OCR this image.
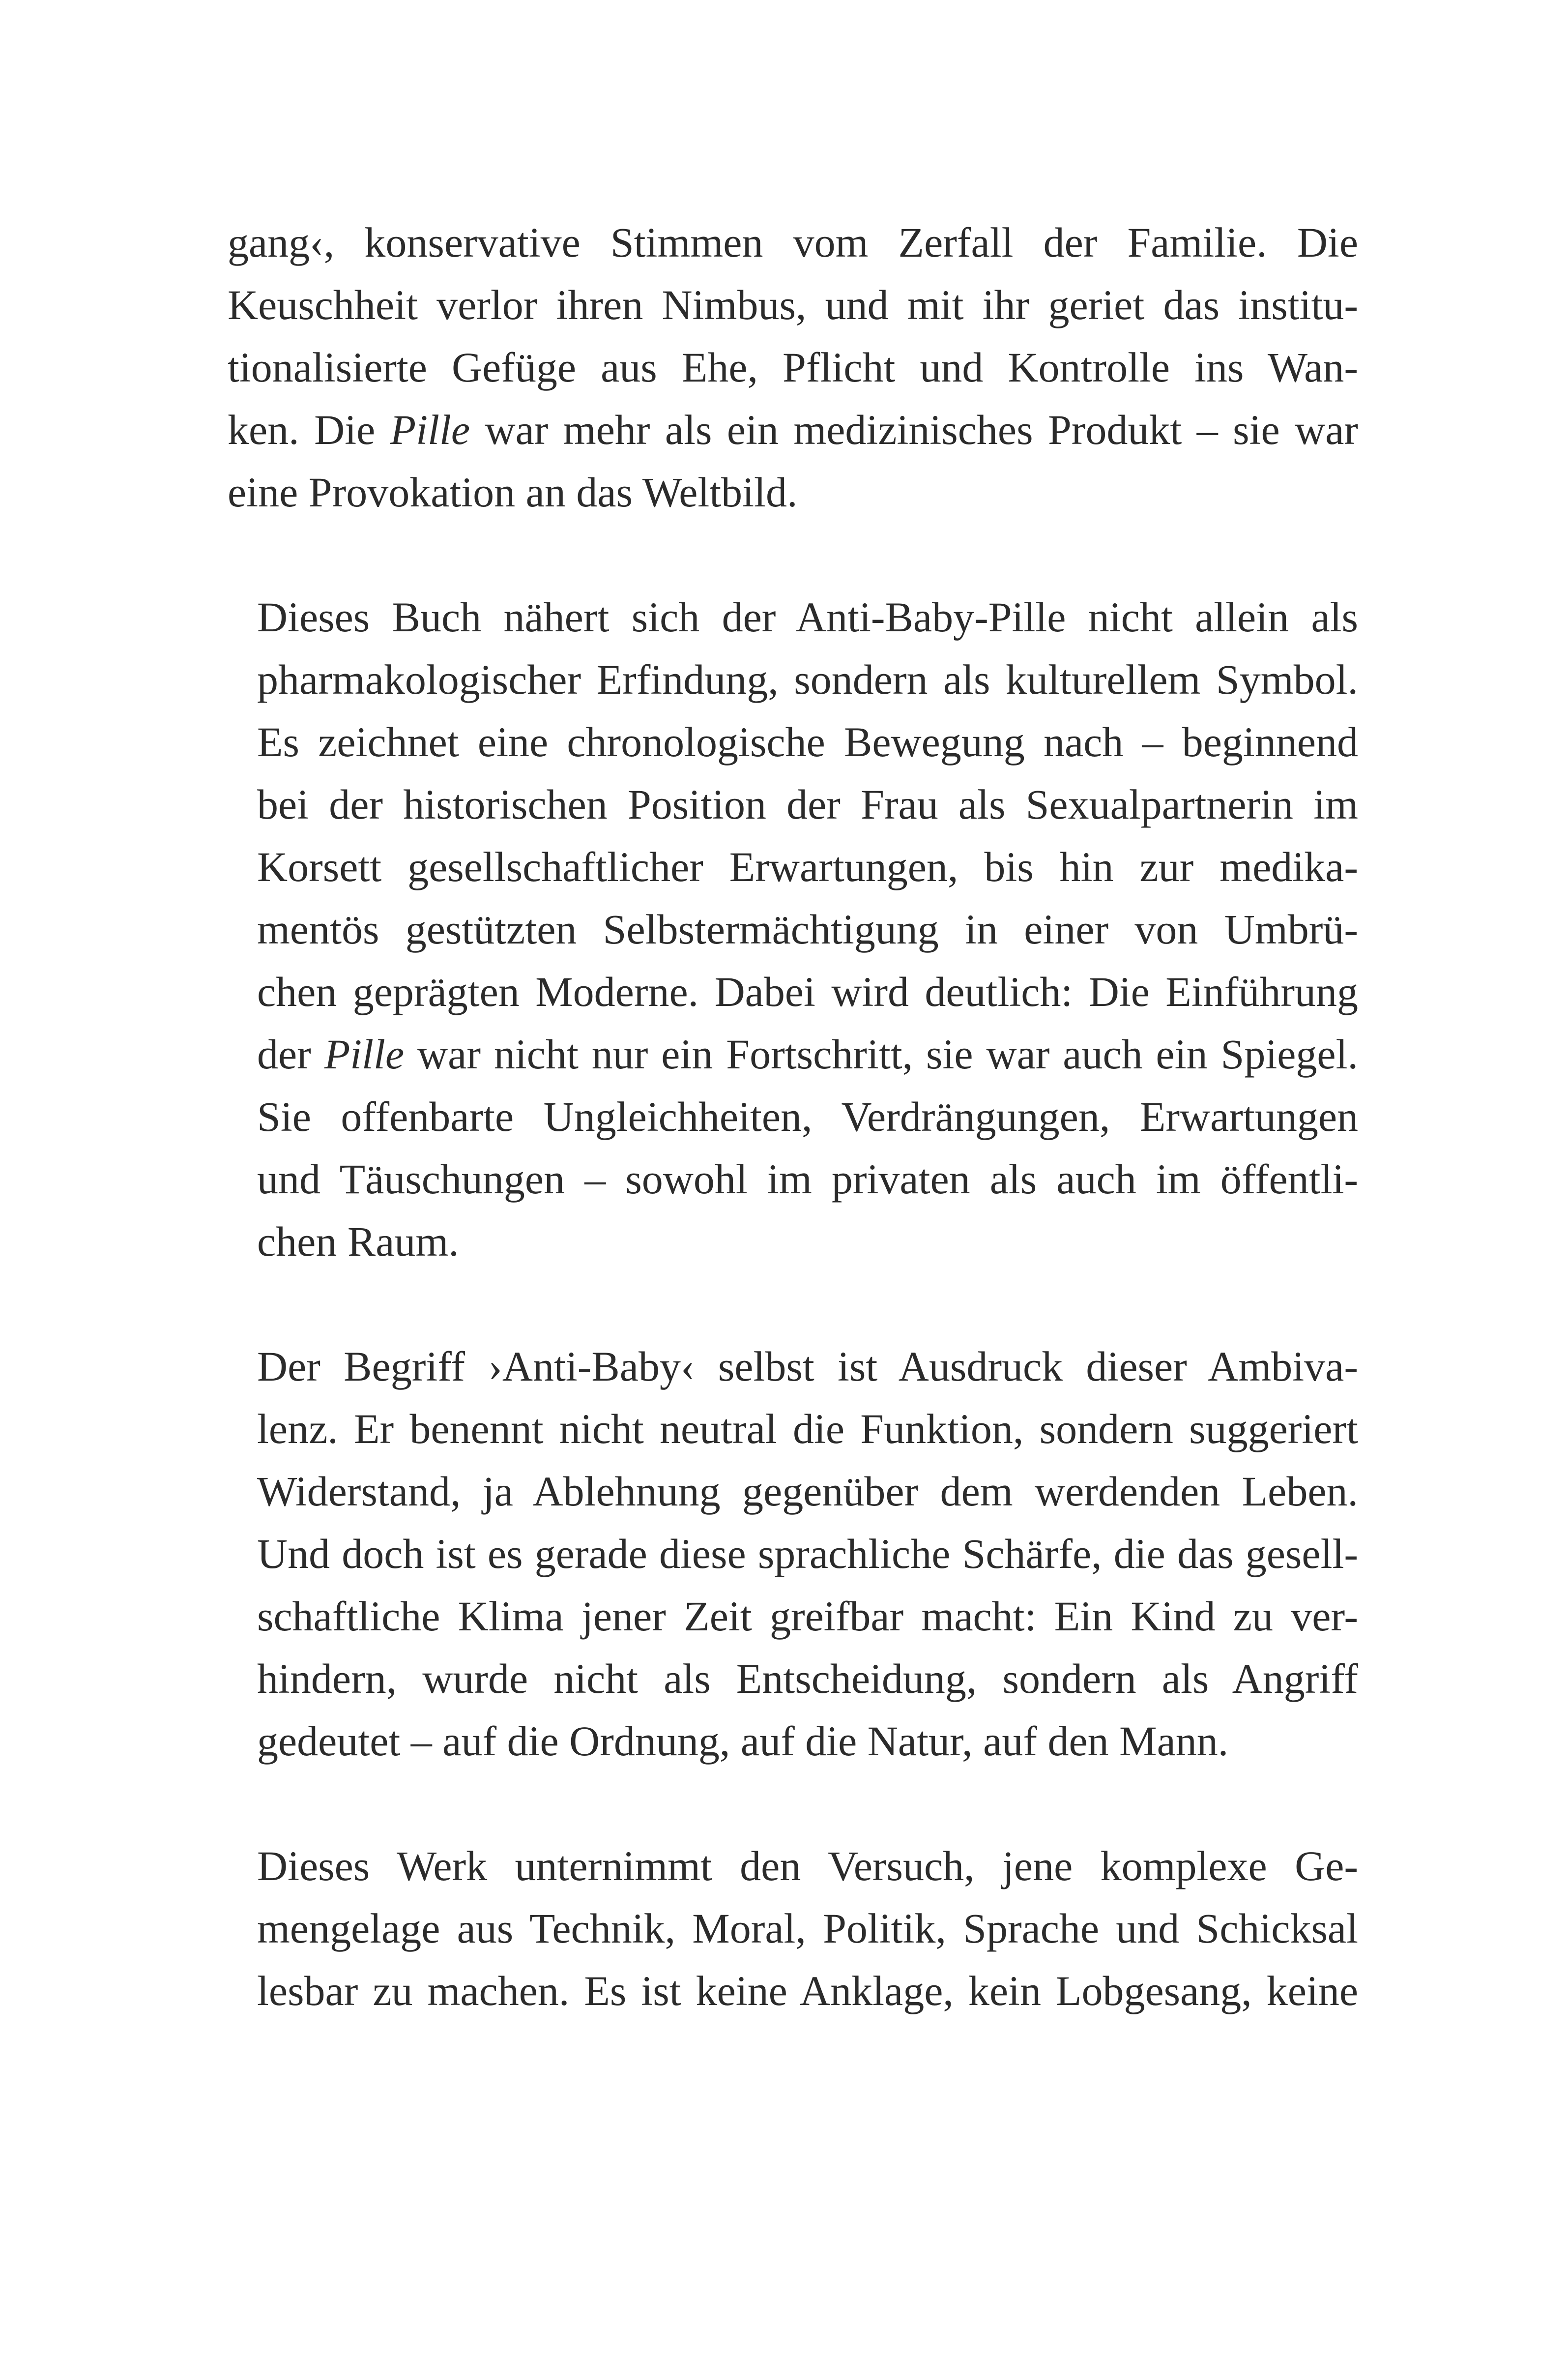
gang‹, konservative Stimmen vom Zerfall der Familie. Die
Keuschheit verlor ihren Nimbus, und mit ihr geriet das institu-
tionalisierte Gefüge aus Ehe, Pflicht und Kontrolle ins Wan-
ken. Die Pille war mehr als ein medizinisches Produkt – sie war
eine Provokation an das Weltbild.
Dieses Buch nähert sich der Anti-Baby-Pille nicht allein als
pharmakologischer Erfindung, sondern als kulturellem Symbol.
Es zeichnet eine chronologische Bewegung nach – beginnend
bei der historischen Position der Frau als Sexualpartnerin im
Korsett gesellschaftlicher Erwartungen, bis hin zur medika-
mentös gestützten Selbstermächtigung in einer von Umbrü-
chen geprägten Moderne. Dabei wird deutlich: Die Einführung
der Pille war nicht nur ein Fortschritt, sie war auch ein Spiegel.
Sie offenbarte Ungleichheiten, Verdrängungen, Erwartungen
und Täuschungen – sowohl im privaten als auch im öffentli-
chen Raum.
Der Begriff ›Anti-Baby‹ selbst ist Ausdruck dieser Ambiva-
lenz. Er benennt nicht neutral die Funktion, sondern suggeriert
Widerstand, ja Ablehnung gegenüber dem werdenden Leben.
Und doch ist es gerade diese sprachliche Schärfe, die das gesell-
schaftliche Klima jener Zeit greifbar macht: Ein Kind zu ver-
hindern, wurde nicht als Entscheidung, sondern als Angriff
gedeutet – auf die Ordnung, auf die Natur, auf den Mann.
Dieses Werk unternimmt den Versuch, jene komplexe Ge-
mengelage aus Technik, Moral, Politik, Sprache und Schicksal
lesbar zu machen. Es ist keine Anklage, kein Lobgesang, keine
